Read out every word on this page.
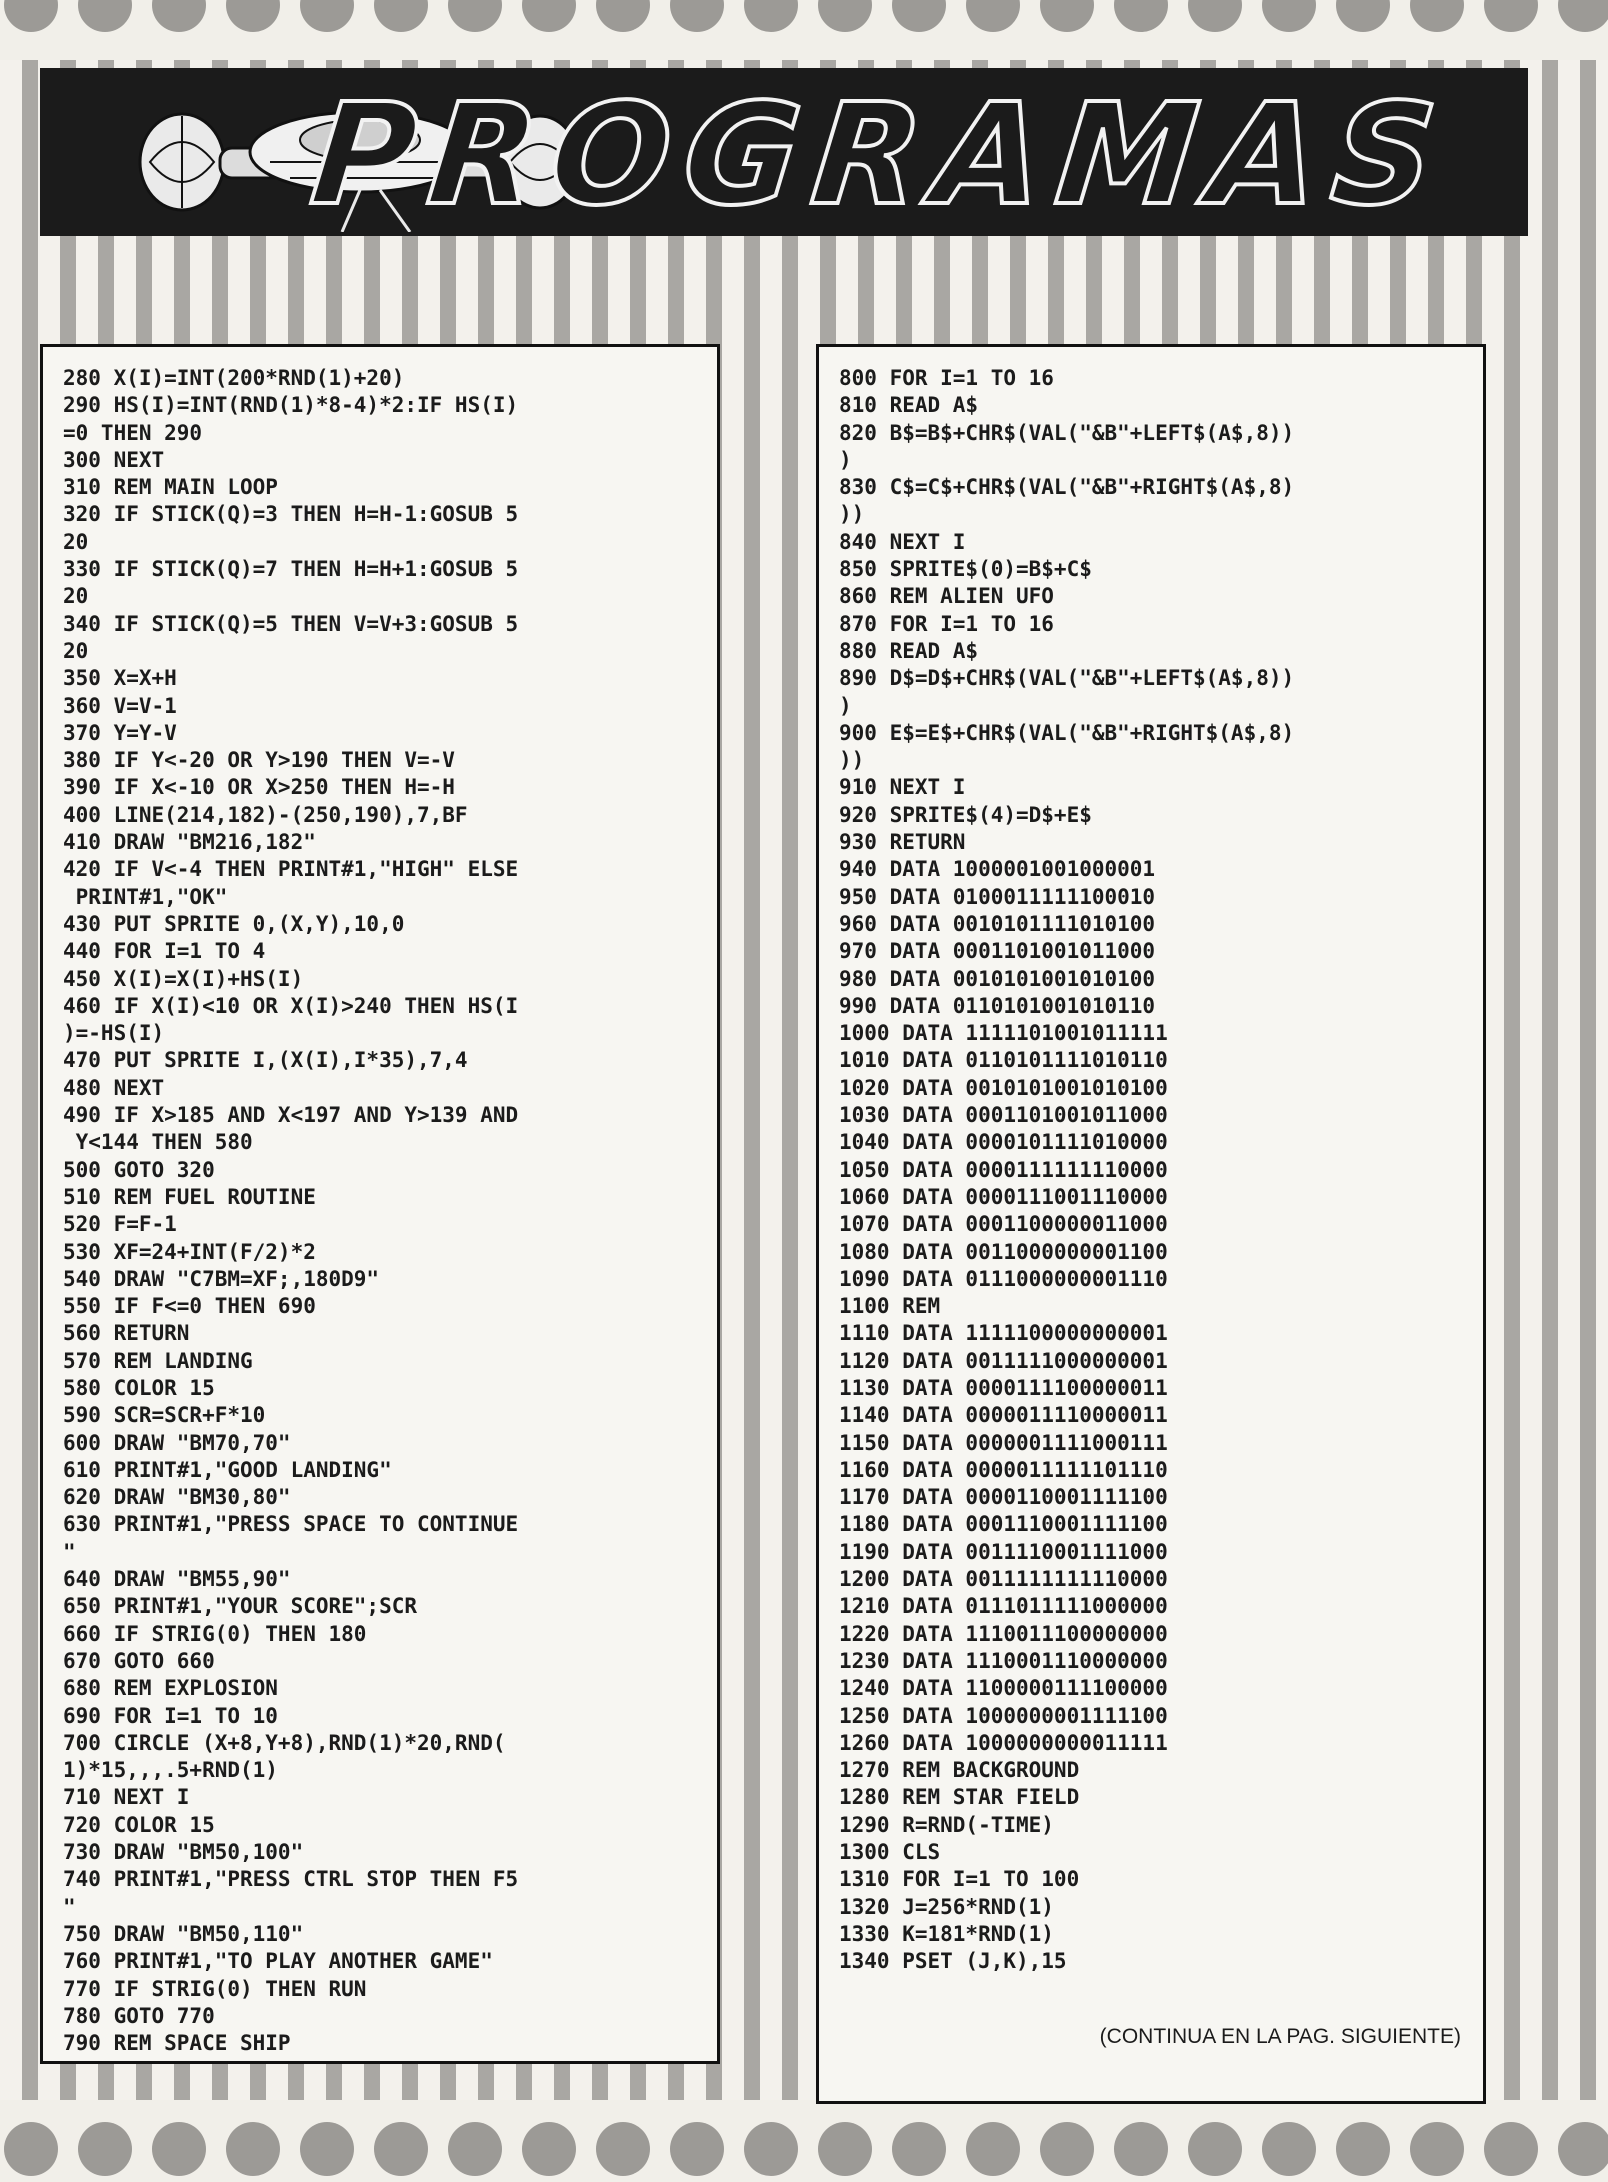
PROGRAMAS
280 X(I)=INT(200*RND(1)+20)
290 HS(I)=INT(RND(1)*8-4)*2:IF HS(I)
=0 THEN 290
300 NEXT
310 REM MAIN LOOP
320 IF STICK(Q)=3 THEN H=H-1:GOSUB 5
20
330 IF STICK(Q)=7 THEN H=H+1:GOSUB 5
20
340 IF STICK(Q)=5 THEN V=V+3:GOSUB 5
20
350 X=X+H
360 V=V-1
370 Y=Y-V
380 IF Y<-20 OR Y>190 THEN V=-V
390 IF X<-10 OR X>250 THEN H=-H
400 LINE(214,182)-(250,190),7,BF
410 DRAW "BM216,182"
420 IF V<-4 THEN PRINT#1,"HIGH" ELSE
PRINT#1,"OK"
430 PUT SPRITE 0,(X,Y),10,0
440 FOR I=1 TO 4
450 X(I)=X(I)+HS(I)
460 IF X(I)<10 OR X(I)>240 THEN HS(I
)=-HS(I)
470 PUT SPRITE I,(X(I),I*35),7,4
480 NEXT
490 IF X>185 AND X<197 AND Y>139 AND
Y<144 THEN 580
500 GOTO 320
510 REM FUEL ROUTINE
520 F=F-1
530 XF=24+INT(F/2)*2
540 DRAW "C7BM=XF;,180D9"
550 IF F<=0 THEN 690
560 RETURN
570 REM LANDING
580 COLOR 15
590 SCR=SCR+F*10
600 DRAW "BM70,70"
610 PRINT#1,"GOOD LANDING"
620 DRAW "BM30,80"
630 PRINT#1,"PRESS SPACE TO CONTINUE
"
640 DRAW "BM55,90"
650 PRINT#1,"YOUR SCORE";SCR
660 IF STRIG(0) THEN 180
670 GOTO 660
680 REM EXPLOSION
690 FOR I=1 TO 10
700 CIRCLE (X+8,Y+8),RND(1)*20,RND(
1)*15,,,.5+RND(1)
710 NEXT I
720 COLOR 15
730 DRAW "BM50,100"
740 PRINT#1,"PRESS CTRL STOP THEN F5
"
750 DRAW "BM50,110"
760 PRINT#1,"TO PLAY ANOTHER GAME"
770 IF STRIG(0) THEN RUN
780 GOTO 770
790 REM SPACE SHIP
800 FOR I=1 TO 16
810 READ A$
820 B$=B$+CHR$(VAL("&B"+LEFT$(A$,8))
)
830 C$=C$+CHR$(VAL("&B"+RIGHT$(A$,8)
))
840 NEXT I
850 SPRITE$(0)=B$+C$
860 REM ALIEN UFO
870 FOR I=1 TO 16
880 READ A$
890 D$=D$+CHR$(VAL("&B"+LEFT$(A$,8))
)
900 E$=E$+CHR$(VAL("&B"+RIGHT$(A$,8)
))
910 NEXT I
920 SPRITE$(4)=D$+E$
930 RETURN
940 DATA 1000001001000001
950 DATA 0100011111100010
960 DATA 0010101111010100
970 DATA 0001101001011000
980 DATA 0010101001010100
990 DATA 0110101001010110
1000 DATA 1111101001011111
1010 DATA 0110101111010110
1020 DATA 0010101001010100
1030 DATA 0001101001011000
1040 DATA 0000101111010000
1050 DATA 0000111111110000
1060 DATA 0000111001110000
1070 DATA 0001100000011000
1080 DATA 0011000000001100
1090 DATA 0111000000001110
1100 REM
1110 DATA 1111100000000001
1120 DATA 0011111000000001
1130 DATA 0000111100000011
1140 DATA 0000011110000011
1150 DATA 0000001111000111
1160 DATA 0000011111101110
1170 DATA 0000110001111100
1180 DATA 0001110001111100
1190 DATA 0011110001111000
1200 DATA 0011111111110000
1210 DATA 0111011111000000
1220 DATA 1110011100000000
1230 DATA 1110001110000000
1240 DATA 1100000111100000
1250 DATA 1000000001111100
1260 DATA 1000000000011111
1270 REM BACKGROUND
1280 REM STAR FIELD
1290 R=RND(-TIME)
1300 CLS
1310 FOR I=1 TO 100
1320 J=256*RND(1)
1330 K=181*RND(1)
1340 PSET (J,K),15
(CONTINUA EN LA PAG. SIGUIENTE)
